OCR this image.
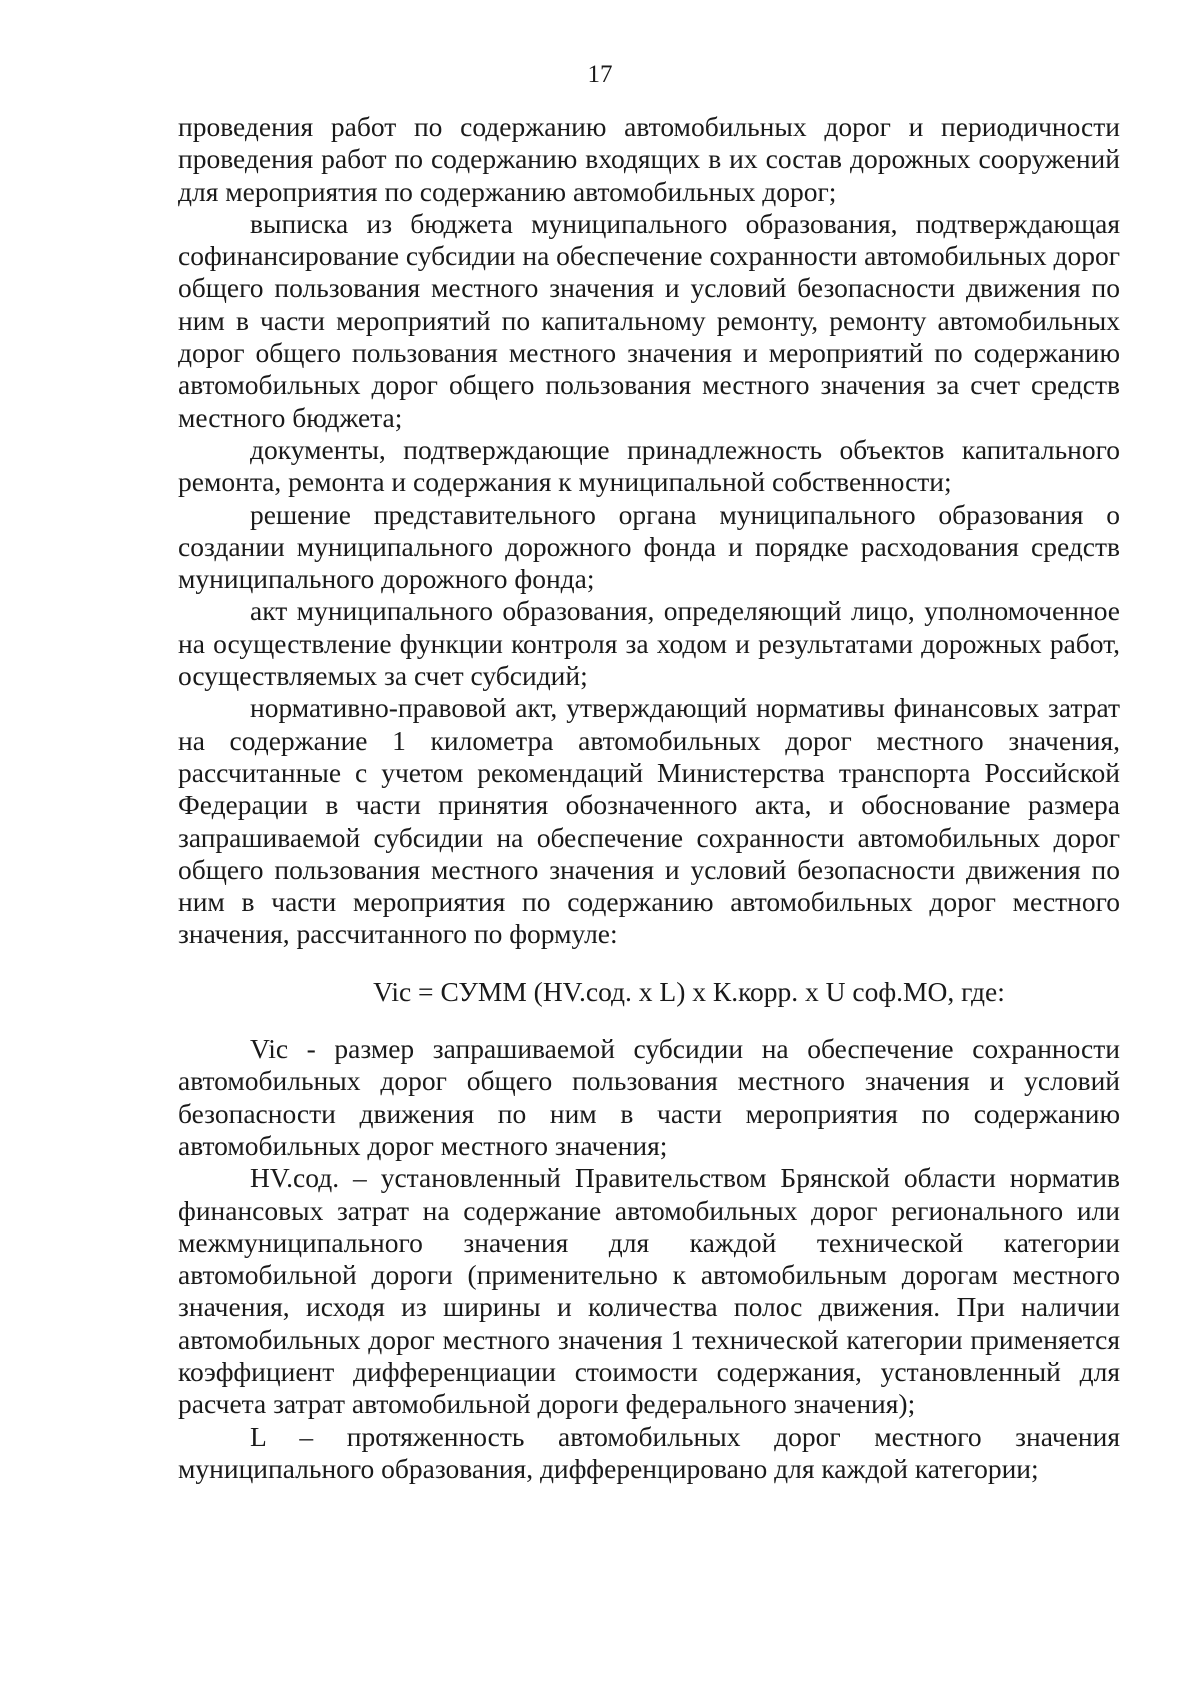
17

проведения работ по содержанию автомобильных дорог и периодичности проведения работ по содержанию входящих в их состав дорожных сооружений для мероприятия по содержанию автомобильных дорог;

выписка из бюджета муниципального образования, подтверждающая софинансирование субсидии на обеспечение сохранности автомобильных дорог общего пользования местного значения и условий безопасности движения по ним в части мероприятий по капитальному ремонту, ремонту автомобильных дорог общего пользования местного значения и мероприятий по содержанию автомобильных дорог общего пользования местного значения за счет средств местного бюджета;

документы, подтверждающие принадлежность объектов капитального ремонта, ремонта и содержания к муниципальной собственности;

решение представительного органа муниципального образования о создании муниципального дорожного фонда и порядке расходования средств муниципального дорожного фонда;

акт муниципального образования, определяющий лицо, уполномоченное на осуществление функции контроля за ходом и результатами дорожных работ, осуществляемых за счет субсидий;

нормативно-правовой акт, утверждающий нормативы финансовых затрат на содержание 1 километра автомобильных дорог местного значения, рассчитанные с учетом рекомендаций Министерства транспорта Российской Федерации в части принятия обозначенного акта, и обоснование размера запрашиваемой субсидии на обеспечение сохранности автомобильных дорог общего пользования местного значения и условий безопасности движения по ним в части мероприятия по содержанию автомобильных дорог местного значения, рассчитанного по формуле:

Vic = СУММ (HV.сод. x L) x К.корр. x U соф.МО, где:

Vic - размер запрашиваемой субсидии на обеспечение сохранности автомобильных дорог общего пользования местного значения и условий безопасности движения по ним в части мероприятия по содержанию автомобильных дорог местного значения;

HV.сод. – установленный Правительством Брянской области норматив финансовых затрат на содержание автомобильных дорог регионального или межмуниципального значения для каждой технической категории автомобильной дороги (применительно к автомобильным дорогам местного значения, исходя из ширины и количества полос движения. При наличии автомобильных дорог местного значения 1 технической категории применяется коэффициент дифференциации стоимости содержания, установленный для расчета затрат автомобильной дороги федерального значения);

L – протяженность автомобильных дорог местного значения муниципального образования, дифференцировано для каждой категории;
